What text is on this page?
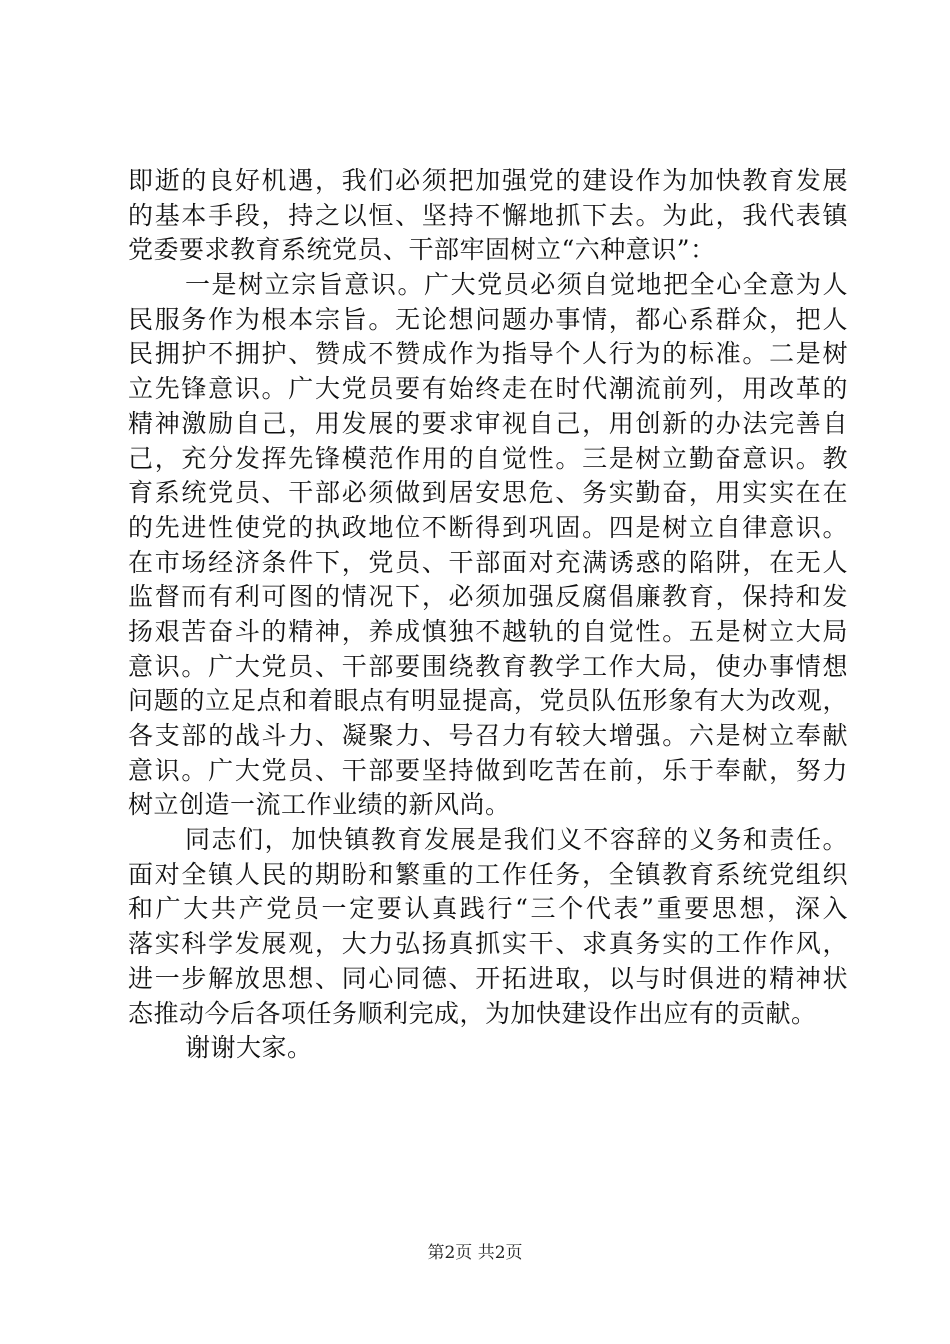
即逝的良好机遇，我们必须把加强党的建设作为加快教育发展
的基本手段，持之以恒、坚持不懈地抓下去。为此，我代表镇
党委要求教育系统党员、干部牢固树立“六种意识”：
一是树立宗旨意识。广大党员必须自觉地把全心全意为人
民服务作为根本宗旨。无论想问题办事情，都心系群众，把人
民拥护不拥护、赞成不赞成作为指导个人行为的标准。二是树
立先锋意识。广大党员要有始终走在时代潮流前列，用改革的
精神激励自己，用发展的要求审视自己，用创新的办法完善自
己，充分发挥先锋模范作用的自觉性。三是树立勤奋意识。教
育系统党员、干部必须做到居安思危、务实勤奋，用实实在在
的先进性使党的执政地位不断得到巩固。四是树立自律意识。
在市场经济条件下，党员、干部面对充满诱惑的陷阱，在无人
监督而有利可图的情况下，必须加强反腐倡廉教育，保持和发
扬艰苦奋斗的精神，养成慎独不越轨的自觉性。五是树立大局
意识。广大党员、干部要围绕教育教学工作大局，使办事情想
问题的立足点和着眼点有明显提高，党员队伍形象有大为改观，
各支部的战斗力、凝聚力、号召力有较大增强。六是树立奉献
意识。广大党员、干部要坚持做到吃苦在前，乐于奉献，努力
树立创造一流工作业绩的新风尚。
同志们，加快镇教育发展是我们义不容辞的义务和责任。
面对全镇人民的期盼和繁重的工作任务，全镇教育系统党组织
和广大共产党员一定要认真践行“三个代表”重要思想，深入
落实科学发展观，大力弘扬真抓实干、求真务实的工作作风，
进一步解放思想、同心同德、开拓进取，以与时俱进的精神状
态推动今后各项任务顺利完成，为加快建设作出应有的贡献。
谢谢大家。
第2页 共2页
